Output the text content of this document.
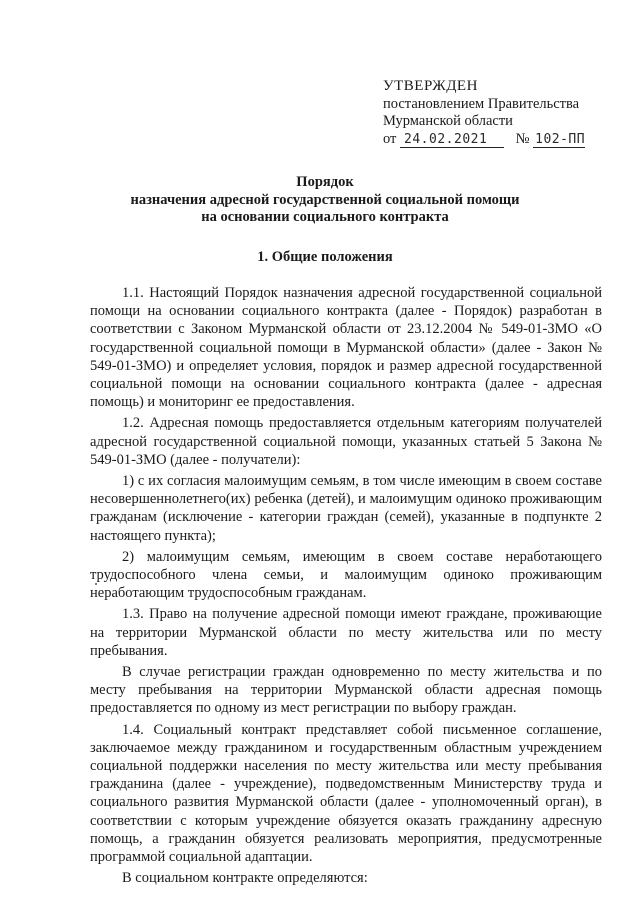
УТВЕРЖДЕН
постановлением Правительства
Мурманской области
от 24.02.2021 № 102-ПП
Порядок
назначения адресной государственной социальной помощи
на основании социального контракта
1. Общие положения

1.1. Настоящий Порядок назначения адресной государственной социальной помощи на основании социального контракта (далее - Порядок) разработан в соответствии с Законом Мурманской области от 23.12.2004 № 549-01-ЗМО «О государственной социальной помощи в Мурманской области» (далее - Закон № 549-01-ЗМО) и определяет условия, порядок и размер адресной государственной социальной помощи на основании социального контракта (далее - адресная помощь) и мониторинг ее предоставления.

1.2. Адресная помощь предоставляется отдельным категориям получателей адресной государственной социальной помощи, указанных статьей 5 Закона № 549-01-ЗМО (далее - получатели):

1) с их согласия малоимущим семьям, в том числе имеющим в своем составе несовершеннолетнего(их) ребенка (детей), и малоимущим одиноко проживающим гражданам (исключение - категории граждан (семей), указанные в подпункте 2 настоящего пункта);

2) малоимущим семьям, имеющим в своем составе неработающего трудоспособного члена семьи, и малоимущим одиноко проживающим неработающим трудоспособным гражданам.

1.3. Право на получение адресной помощи имеют граждане, проживающие на территории Мурманской области по месту жительства или по месту пребывания.

В случае регистрации граждан одновременно по месту жительства и по месту пребывания на территории Мурманской области адресная помощь предоставляется по одному из мест регистрации по выбору граждан.

1.4. Социальный контракт представляет собой письменное соглашение, заключаемое между гражданином и государственным областным учреждением социальной поддержки населения по месту жительства или месту пребывания гражданина (далее - учреждение), подведомственным Министерству труда и социального развития Мурманской области (далее - уполномоченный орган), в соответствии с которым учреждение обязуется оказать гражданину адресную помощь, а гражданин обязуется реализовать мероприятия, предусмотренные программой социальной адаптации.

В социальном контракте определяются:
